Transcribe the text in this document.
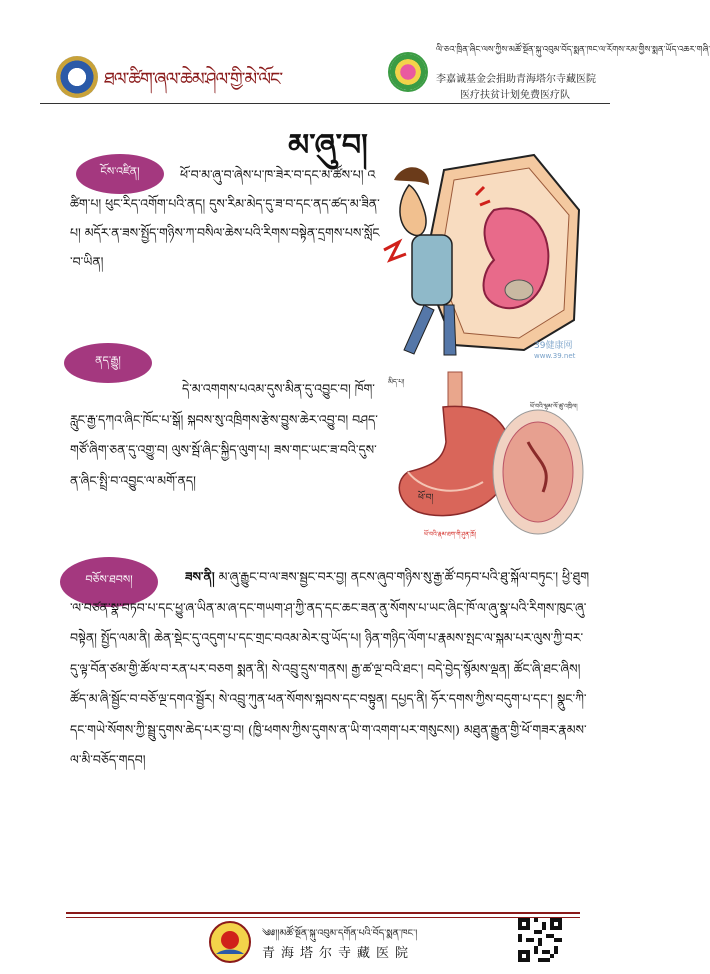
ཐལ་ཚིག་ཞལ་ཆེམ་ཤེལ་གྱི་མེ་ལོང་
ལི་ཅའ་ཁྲིན་ཞིང་ལས་ཀྱིས་མཚོ་སྔོན་སྐུ་འབུམ་བོད་སྨན་ཁང་ལ་རོགས་རམ་གྱིས་སྨན་ཡོད་འཆར་གཞི་
李嘉诚基金会捐助青海塔尔寺藏医院
医疗扶贫计划免费医疗队
མ་ཞུ་བ།
ངོས་འཛིན།	ཕོ་བ་མ་ཞུ་བ་ཞེས་པ་ཁ་ཟེར་བ་དང་མ་ཚོས་པ། འཚིག་པ། ཕུང་རིད་འགོག་པའི་ནད། དུས་རིམ་མེད་དུ་ཟ་བ་དང་ནད་ཚད་མ་ཟིན་པ། མདོར་ན་ཟས་སྤྱོད་གཉིས་ཀ་བསིལ་ཆེས་པའི་རིགས་བསྟེན་དྲགས་པས་སློང་བ་ཡིན།
ནད་རྒྱུ།
དེ་མ་འགགས་པའམ་དུས་མིན་དུ་འབྱུང་བ། ཁོག་རླུང་རྒྱ་དཀའ་ཞིང་ཁོང་པ་སྒོ། སྐབས་སུ་འཁྲིགས་རྩེས་བྱུས་ཆེར་འབྱུ་བ། བཤད་གཙོ་ཞིག་ཅན་དུ་འགྱུ་བ། ལུས་སྦོ་ཞིང་སྐྱིད་ལུག་པ། ཟས་གང་ཡང་ཟ་བའི་དུས་ན་ཞིང་སྤྲི་བ་འབྱུང་ལ་མགོ་ནད།
39健康网
www.39.net
མིད་པ།
ཕོ་བ།
ཕོ་བའི་ལྷམ་ལོ་ཚུ་འཁྲིལ།
ཕོ་བའི་རྣམ་ཐག་གི་ཤུན་ཁྲོ།
བཅོས་ཐབས།	ཟས་ནི། མ་ཞུ་རྒྱུང་བ་ལ་ཟས་སྦྱང་བར་བྱ། ནངས་ཞུབ་གཉིས་སུ་རྒྱ་ཚོ་བཏབ་པའི་ཐུ་སྐོལ་བཏུང་། ཕྱི་ཐུག་ལ་བཙན་སྣ་བཏབ་པ་དང་ཕྱུ་ཞ་ཡིན་མ་ཞ་དང་གཡག་ཤ་ཀྱི་ནད་དང་ཆང་ཟན་ནུ་སོགས་པ་ཡང་ཞིང་ཁོ་ལ་ཞུ་སྣ་པའི་རིགས་ཁུང་ཞུ་བསྟེན། སྤྱོད་ལམ་ནི། ཆེན་སྡེང་དུ་འདུག་པ་དང་གྲང་བའམ་མེར་བུ་ཡོད་པ། ཉིན་གཉིད་ལོག་པ་རྣམས་སྤང་ལ་སྐམ་པར་ལུས་ཀྱི་བར་དུ་ལྟ་བོན་ཙམ་གྱི་ཚོལ་བ་རན་པར་བཅག སྨན་ནི། སེ་འབྲུ་དྲུས་གནས། རྒྱ་ཚ་ལྔ་བའི་ཐང་། བདེ་བྱེད་སྙོམས་ལྡན། ཚོང་ཞི་ཐང་ཞིས། ཚོད་མ་ཞི་སྦྱོང་བ་བཅོ་ལྔ་དགའ་སྦྱོར། སེ་འབྲུ་ཀུན་ཕན་སོགས་སྐབས་དང་བསྟུན། དཔྱད་ནི། ཧོར་དགས་ཀྱིས་བདུག་པ་དང་། སྣུང་ཀི་དང་གཡེ་སོགས་ཀྱི་སྦྲུ་དུགས་ཆེད་པར་བྱ་བ། (ཁྱི་ཕགས་ཀྱིས་དུགས་ན་ཡི་ག་འགག་པར་གསུངས།) མཐུན་རྒྱུན་གྱི་ཕོ་གཟར་རྣམས་ལ་མི་བཅོད་གདབ།
༄༅།།མཚོ་སྔོན་སྐུ་འབུམ་དགོན་པའི་བོད་སྨན་ཁང་།
青海塔尔寺藏医院
